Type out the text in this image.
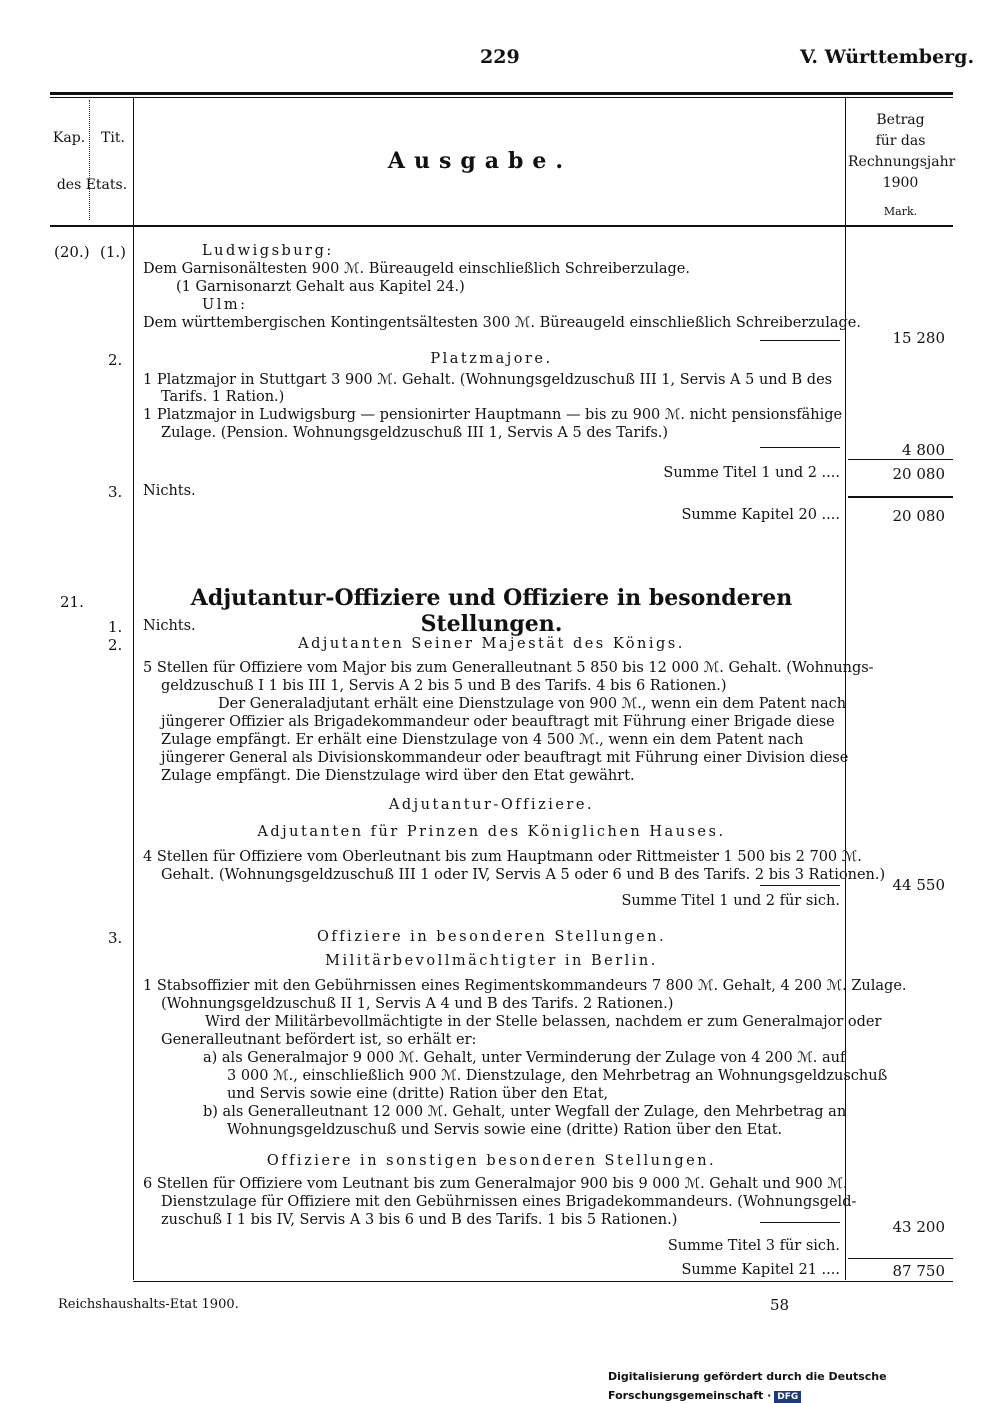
229	V. Württemberg.
Kap.	Tit.
des Etats.
Ausgabe.
Betrag
für das
Rechnungsjahr
1900
Mark.
(20.) (1.)	Ludwigsburg:
Dem Garnisonältesten 900 ℳ. Büreaugeld einschließlich Schreiberzulage.
(1 Garnisonarzt Gehalt aus Kapitel 24.)
Ulm:
Dem württembergischen Kontingentsältesten 300 ℳ. Büreaugeld einschließlich Schreiberzulage.
15 280
2.	Platzmajore.
1 Platzmajor in Stuttgart 3 900 ℳ. Gehalt. (Wohnungsgeldzuschuß III 1, Servis A 5 und B des
Tarifs. 1 Ration.)
1 Platzmajor in Ludwigsburg — pensionirter Hauptmann — bis zu 900 ℳ. nicht pensionsfähige
Zulage. (Pension. Wohnungsgeldzuschuß III 1, Servis A 5 des Tarifs.)
4 800
Summe Titel 1 und 2 ....	20 080
3. Nichts.
Summe Kapitel 20 ....	20 080
21.	Adjutantur-Offiziere und Offiziere in besonderen Stellungen.
1. Nichts.
2.	Adjutanten Seiner Majestät des Königs.
5 Stellen für Offiziere vom Major bis zum Generalleutnant 5 850 bis 12 000 ℳ. Gehalt. (Wohnungs-
geldzuschuß I 1 bis III 1, Servis A 2 bis 5 und B des Tarifs. 4 bis 6 Rationen.)
Der Generaladjutant erhält eine Dienstzulage von 900 ℳ., wenn ein dem Patent nach
jüngerer Offizier als Brigadekommandeur oder beauftragt mit Führung einer Brigade diese
Zulage empfängt. Er erhält eine Dienstzulage von 4 500 ℳ., wenn ein dem Patent nach
jüngerer General als Divisionskommandeur oder beauftragt mit Führung einer Division diese
Zulage empfängt. Die Dienstzulage wird über den Etat gewährt.
Adjutantur-Offiziere.
Adjutanten für Prinzen des Königlichen Hauses.
4 Stellen für Offiziere vom Oberleutnant bis zum Hauptmann oder Rittmeister 1 500 bis 2 700 ℳ.
Gehalt. (Wohnungsgeldzuschuß III 1 oder IV, Servis A 5 oder 6 und B des Tarifs. 2 bis 3 Rationen.)
44 550
Summe Titel 1 und 2 für sich.
3.	Offiziere in besonderen Stellungen.
Militärbevollmächtigter in Berlin.
1 Stabsoffizier mit den Gebührnissen eines Regimentskommandeurs 7 800 ℳ. Gehalt, 4 200 ℳ. Zulage.
(Wohnungsgeldzuschuß II 1, Servis A 4 und B des Tarifs. 2 Rationen.)
Wird der Militärbevollmächtigte in der Stelle belassen, nachdem er zum Generalmajor oder
Generalleutnant befördert ist, so erhält er:
a) als Generalmajor 9 000 ℳ. Gehalt, unter Verminderung der Zulage von 4 200 ℳ. auf
3 000 ℳ., einschließlich 900 ℳ. Dienstzulage, den Mehrbetrag an Wohnungsgeldzuschuß
und Servis sowie eine (dritte) Ration über den Etat,
b) als Generalleutnant 12 000 ℳ. Gehalt, unter Wegfall der Zulage, den Mehrbetrag an
Wohnungsgeldzuschuß und Servis sowie eine (dritte) Ration über den Etat.
Offiziere in sonstigen besonderen Stellungen.
6 Stellen für Offiziere vom Leutnant bis zum Generalmajor 900 bis 9 000 ℳ. Gehalt und 900 ℳ.
Dienstzulage für Offiziere mit den Gebührnissen eines Brigadekommandeurs. (Wohnungsgeld-
zuschuß I 1 bis IV, Servis A 3 bis 6 und B des Tarifs. 1 bis 5 Rationen.)	43 200
Summe Titel 3 für sich.
Summe Kapitel 21 ....	87 750
Reichshaushalts-Etat 1900.	58
Digitalisierung gefördert durch die Deutsche Forschungsgemeinschaft · DFG
